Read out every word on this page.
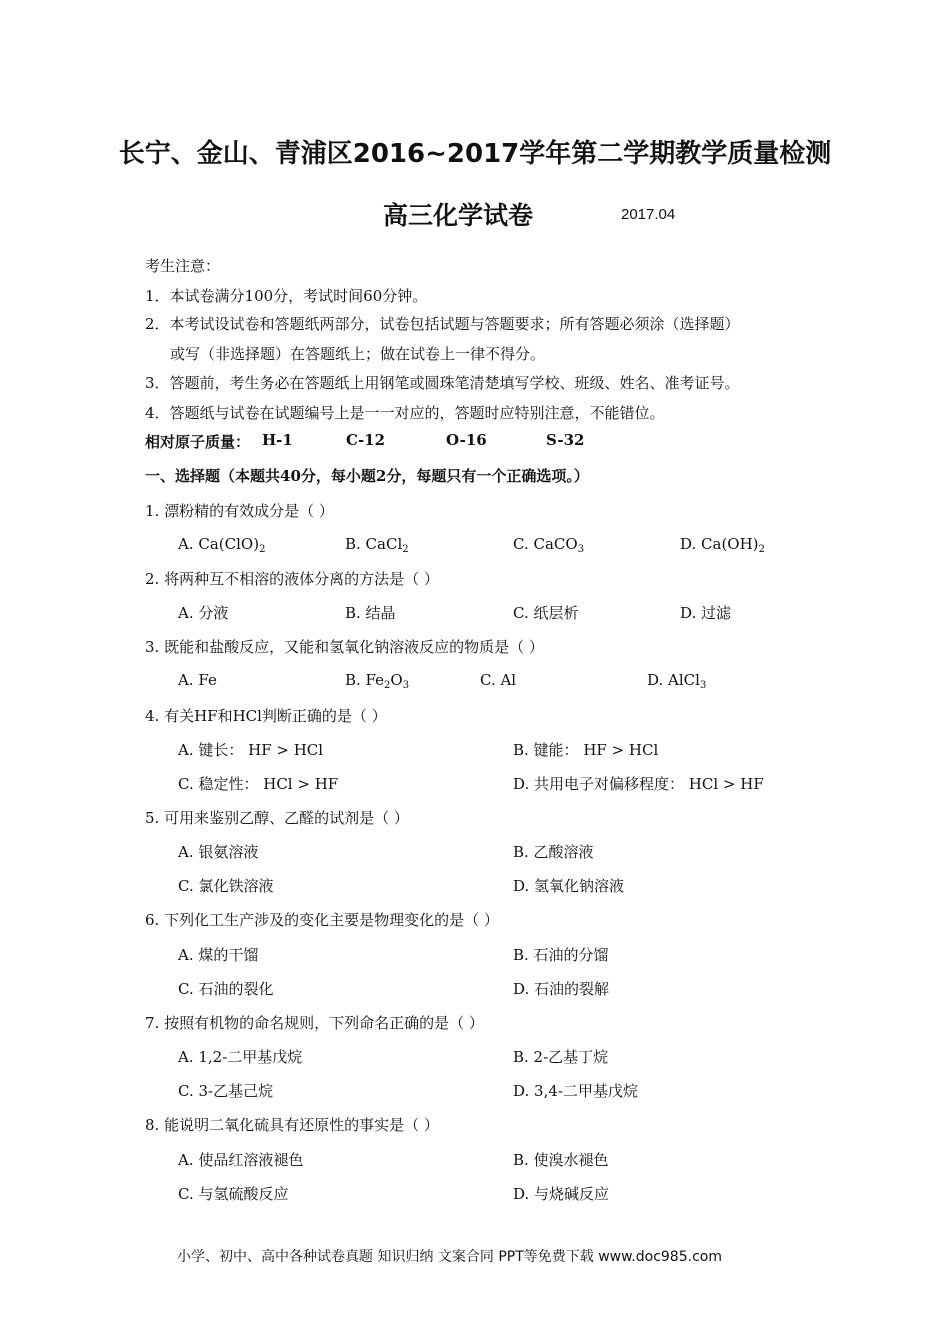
长宁、金山、青浦区2016~2017学年第二学期教学质量检测
高三化学试卷	2017.04
考生注意：
1．本试卷满分100分，考试时间60分钟。
2．本考试设试卷和答题纸两部分，试卷包括试题与答题要求；所有答题必须涂（选择题）
或写（非选择题）在答题纸上；做在试卷上一律不得分。
3．答题前，考生务必在答题纸上用钢笔或圆珠笔清楚填写学校、班级、姓名、准考证号。
4．答题纸与试卷在试题编号上是一一对应的，答题时应特别注意，不能错位。
相对原子质量： H-1	C-12	O-16	S-32
一、选择题（本题共40分，每小题2分，每题只有一个正确选项。）
1. 漂粉精的有效成分是（ ）
A. $Ca(ClO)_2$	B. CaCl$_2$	C. CaCO$_3$	D. $Ca(OH)_2$
2. 将两种互不相溶的液体分离的方法是（ ）
A. 分液	B. 结晶	C. 纸层析	D. 过滤
3. 既能和盐酸反应，又能和氢氧化钠溶液反应的物质是（ ）
A. Fe	B. $Fe_2O_3$	C. Al	D. AlCl$_3$
4. 有关HF和HCl判断正确的是（ ）
A. 键长： HF > HCl	B. 键能： HF > HCl
C. 稳定性： HCl > HF	D. 共用电子对偏移程度： HCl > HF
5. 可用来鉴别乙醇、乙醛的试剂是（ ）
A. 银氨溶液	B. 乙酸溶液
C. 氯化铁溶液	D. 氢氧化钠溶液
6. 下列化工生产涉及的变化主要是物理变化的是（ ）
A. 煤的干馏	B. 石油的分馏
C. 石油的裂化	D. 石油的裂解
7. 按照有机物的命名规则，下列命名正确的是（ ）
A. 1,2-二甲基戊烷	B. 2-乙基丁烷
C. 3-乙基己烷	D. 3,4-二甲基戊烷
8. 能说明二氧化硫具有还原性的事实是（ ）
A. 使品红溶液褪色	B. 使溴水褪色
C. 与氢硫酸反应	D. 与烧碱反应
小学、初中、高中各种试卷真题 知识归纳 文案合同 PPT等免费下载 www.doc985.com
